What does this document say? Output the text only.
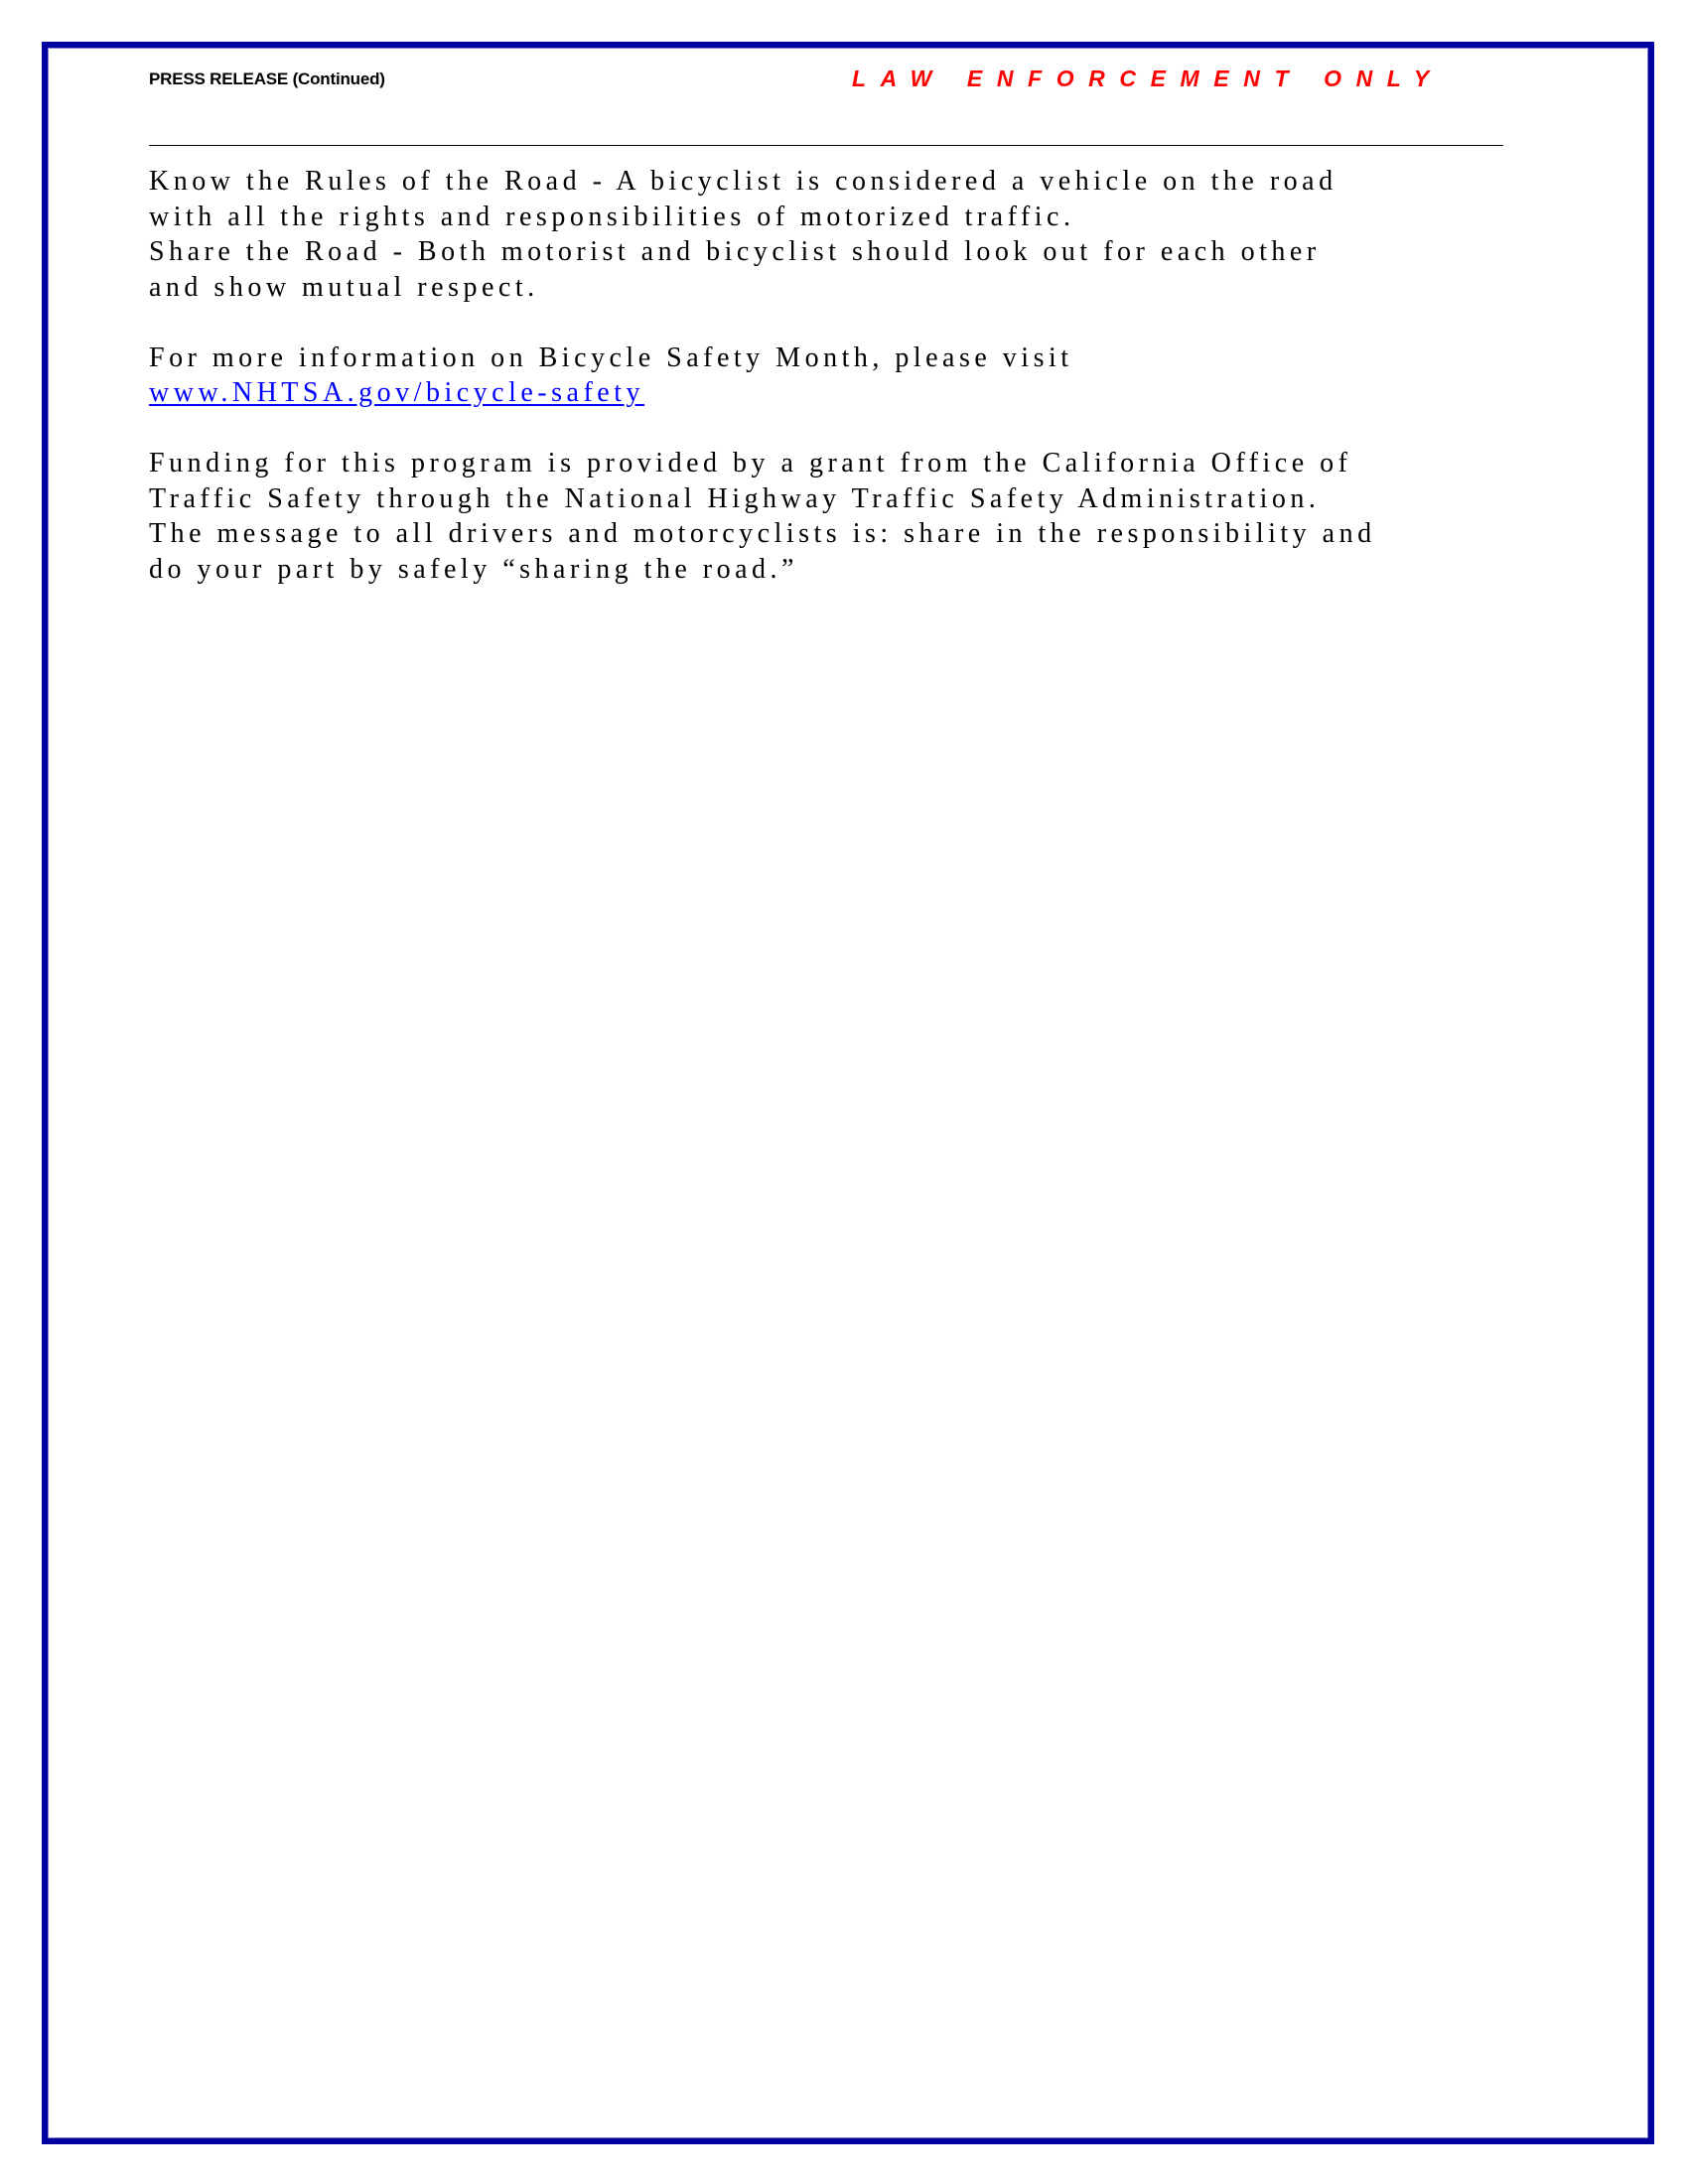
PRESS RELEASE (Continued)	LAW ENFORCEMENT ONLY

Know the Rules of the Road - A bicyclist is considered a vehicle on the road

with all the rights and responsibilities of motorized traffic.

Share the Road - Both motorist and bicyclist should look out for each other

and show mutual respect.

For more information on Bicycle Safety Month, please visit

www.NHTSA.gov/bicycle-safety

Funding for this program is provided by a grant from the California Office of

Traffic Safety through the National Highway Traffic Safety Administration.

The message to all drivers and motorcyclists is: share in the responsibility and

do your part by safely “sharing the road.”
